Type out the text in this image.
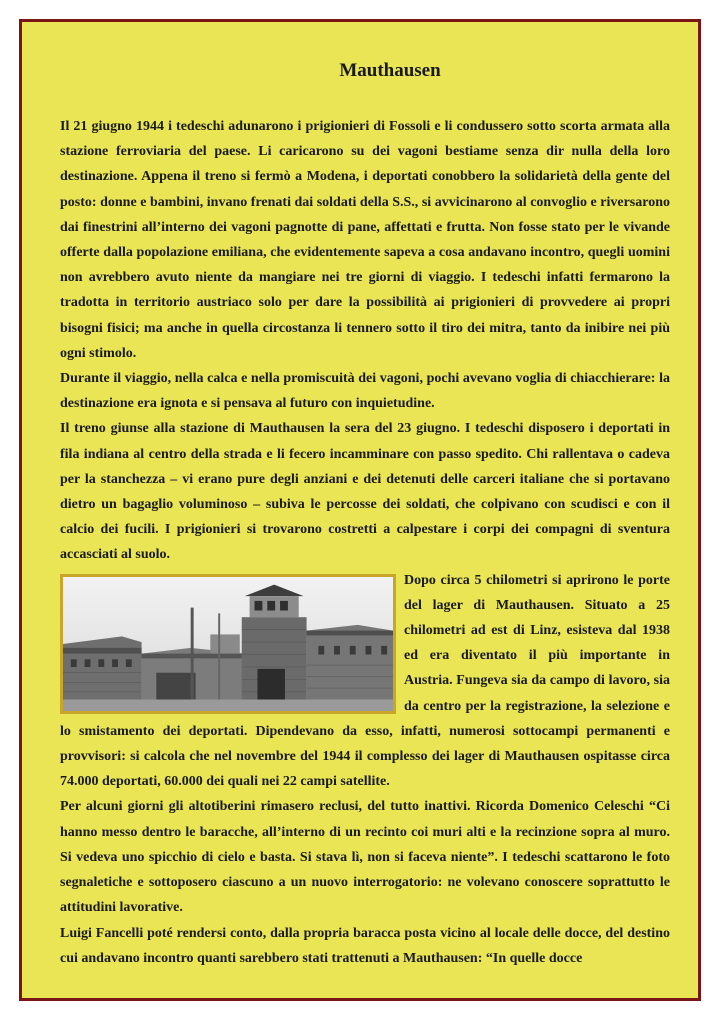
Mauthausen

Il 21 giugno 1944 i tedeschi adunarono i prigionieri di Fossoli e li condussero sotto scorta armata alla stazione ferroviaria del paese. Li caricarono su dei vagoni bestiame senza dir nulla della loro destinazione. Appena il treno si fermò a Modena, i deportati conobbero la solidarietà della gente del posto: donne e bambini, invano frenati dai soldati della S.S., si avvicinarono al convoglio e riversarono dai finestrini all’interno dei vagoni pagnotte di pane, affettati e frutta. Non fosse stato per le vivande offerte dalla popolazione emiliana, che evidentemente sapeva a cosa andavano incontro, quegli uomini non avrebbero avuto niente da mangiare nei tre giorni di viaggio. I tedeschi infatti fermarono la tradotta in territorio austriaco solo per dare la possibilità ai prigionieri di provvedere ai propri bisogni fisici; ma anche in quella circostanza li tennero sotto il tiro dei mitra, tanto da inibire nei più ogni stimolo.

Durante il viaggio, nella calca e nella promiscuità dei vagoni, pochi avevano voglia di chiacchierare: la destinazione era ignota e si pensava al futuro con inquietudine.

Il treno giunse alla stazione di Mauthausen la sera del 23 giugno. I tedeschi disposero i deportati in fila indiana al centro della strada e li fecero incamminare con passo spedito. Chi rallentava o cadeva per la stanchezza – vi erano pure degli anziani e dei detenuti delle carceri italiane che si portavano dietro un bagaglio voluminoso – subiva le percosse dei soldati, che colpivano con scudisci e con il calcio dei fucili. I prigionieri si trovarono costretti a calpestare i corpi dei compagni di sventura accasciati al suolo.

Dopo circa 5 chilometri si aprirono le porte del lager di Mauthausen. Situato a 25 chilometri ad est di Linz, esisteva dal 1938 ed era diventato il più importante in Austria. Fungeva sia da campo di lavoro, sia da centro per la registrazione, la selezione e lo smistamento dei deportati. Dipendevano da esso, infatti, numerosi sottocampi permanenti e provvisori: si calcola che nel novembre del 1944 il complesso dei lager di Mauthausen ospitasse circa 74.000 deportati, 60.000 dei quali nei 22 campi satellite.

Per alcuni giorni gli altotiberini rimasero reclusi, del tutto inattivi. Ricorda Domenico Celeschi “Ci hanno messo dentro le baracche, all’interno di un recinto coi muri alti e la recinzione sopra al muro. Si vedeva uno spicchio di cielo e basta. Si stava lì, non si faceva niente”. I tedeschi scattarono le foto segnaletiche e sottoposero ciascuno a un nuovo interrogatorio: ne volevano conoscere soprattutto le attitudini lavorative.

Luigi Fancelli poté rendersi conto, dalla propria baracca posta vicino al locale delle docce, del destino cui andavano incontro quanti sarebbero stati trattenuti a Mauthausen: “In quelle docce
